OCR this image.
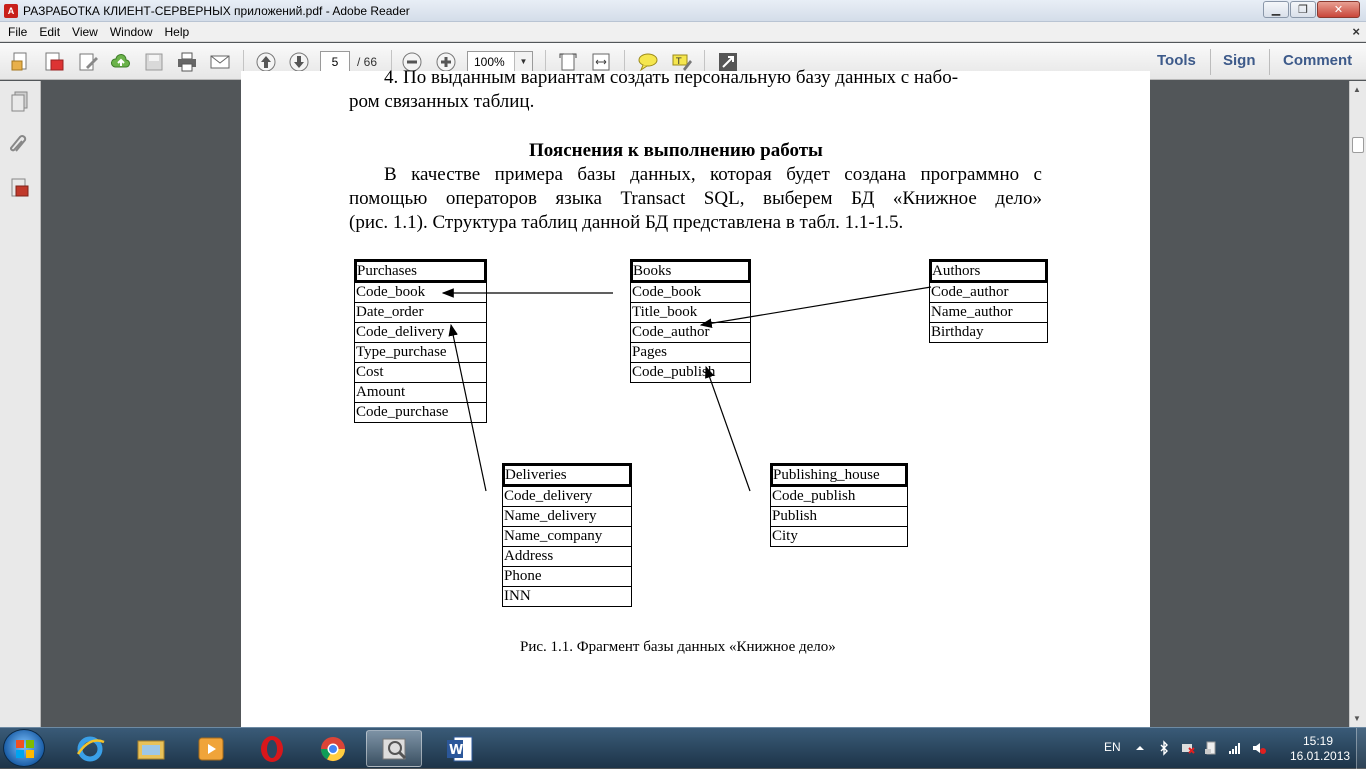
A РАЗРАБОТКА КЛИЕНТ-СЕРВЕРНЫХ приложений.pdf - Adobe Reader	▁	❐	✕
File	Edit	View	Window	Help	×
5	/ 66	100%	▼	T	Tools Sign Comment
4. По выданным вариантам создать персональную базу данных с набо-
ром связанных таблиц.
Пояснения к выполнению работы
В качестве примера базы данных, которая будет создана программно с
помощью операторов языка Transact SQL, выберем БД «Книжное дело»
(рис. 1.1). Структура таблиц данной БД представлена в табл. 1.1-1.5.
Purchases
Code_book
Date_order
Code_delivery
Type_purchase
Cost
Amount
Code_purchase
Books
Code_book
Title_book
Code_author
Pages
Code_publish
Authors
Code_author
Name_author
Birthday
Deliveries
Code_delivery
Name_delivery
Name_company
Address
Phone
INN
Publishing_house
Code_publish
Publish
City
Рис. 1.1. Фрагмент базы данных «Книжное дело»
▲
▼
W	EN	15:19
16.01.2013
